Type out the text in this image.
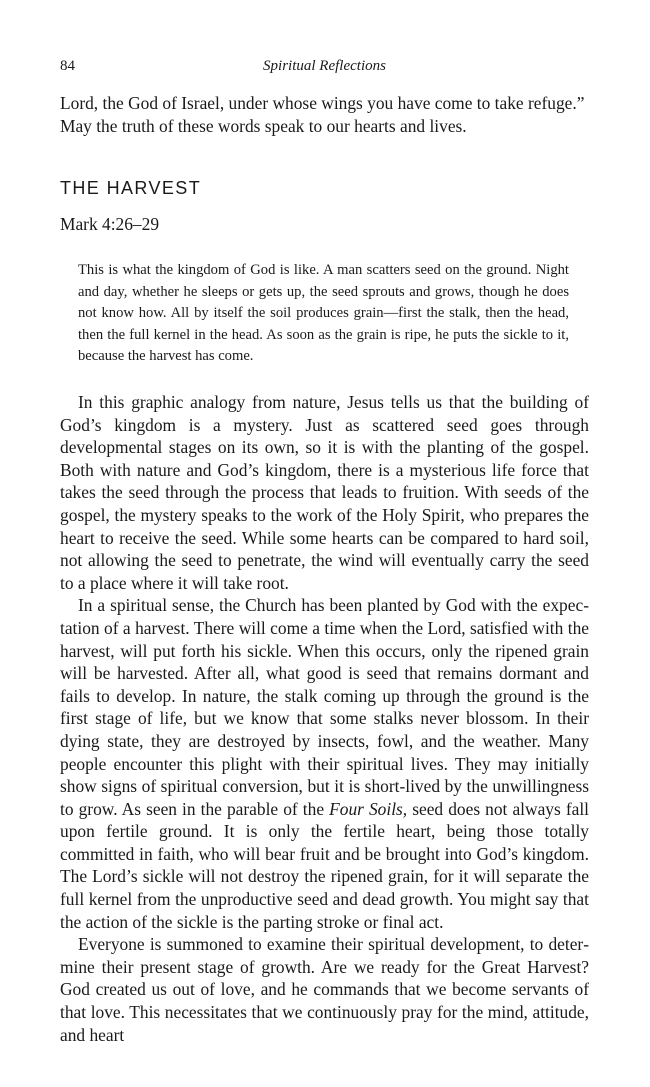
84	Spiritual Reflections

Lord, the God of Israel, under whose wings you have come to take refuge.” May the truth of these words speak to our hearts and lives.

THE HARVEST

Mark 4:26–29

This is what the kingdom of God is like. A man scatters seed on the ground. Night and day, whether he sleeps or gets up, the seed sprouts and grows, though he does not know how. All by itself the soil produces grain—first the stalk, then the head, then the full kernel in the head. As soon as the grain is ripe, he puts the sickle to it, because the harvest has come.

In this graphic analogy from nature, Jesus tells us that the building of God’s kingdom is a mystery. Just as scattered seed goes through developmental stages on its own, so it is with the planting of the gospel. Both with nature and God’s kingdom, there is a mysterious life force that takes the seed through the process that leads to fruition. With seeds of the gospel, the mystery speaks to the work of the Holy Spirit, who prepares the heart to receive the seed. While some hearts can be compared to hard soil, not allowing the seed to penetrate, the wind will eventually carry the seed to a place where it will take root.

In a spiritual sense, the Church has been planted by God with the expectation of a harvest. There will come a time when the Lord, satisfied with the harvest, will put forth his sickle. When this occurs, only the ripened grain will be harvested. After all, what good is seed that remains dormant and fails to develop. In nature, the stalk coming up through the ground is the first stage of life, but we know that some stalks never blossom. In their dying state, they are destroyed by insects, fowl, and the weather. Many people encounter this plight with their spiritual lives. They may initially show signs of spiritual conversion, but it is short-lived by the unwillingness to grow. As seen in the parable of the Four Soils, seed does not always fall upon fertile ground. It is only the fertile heart, being those totally committed in faith, who will bear fruit and be brought into God’s kingdom. The Lord’s sickle will not destroy the ripened grain, for it will separate the full kernel from the unproductive seed and dead growth. You might say that the action of the sickle is the parting stroke or final act.

Everyone is summoned to examine their spiritual development, to determine their present stage of growth. Are we ready for the Great Harvest? God created us out of love, and he commands that we become servants of that love. This necessitates that we continuously pray for the mind, attitude, and heart
